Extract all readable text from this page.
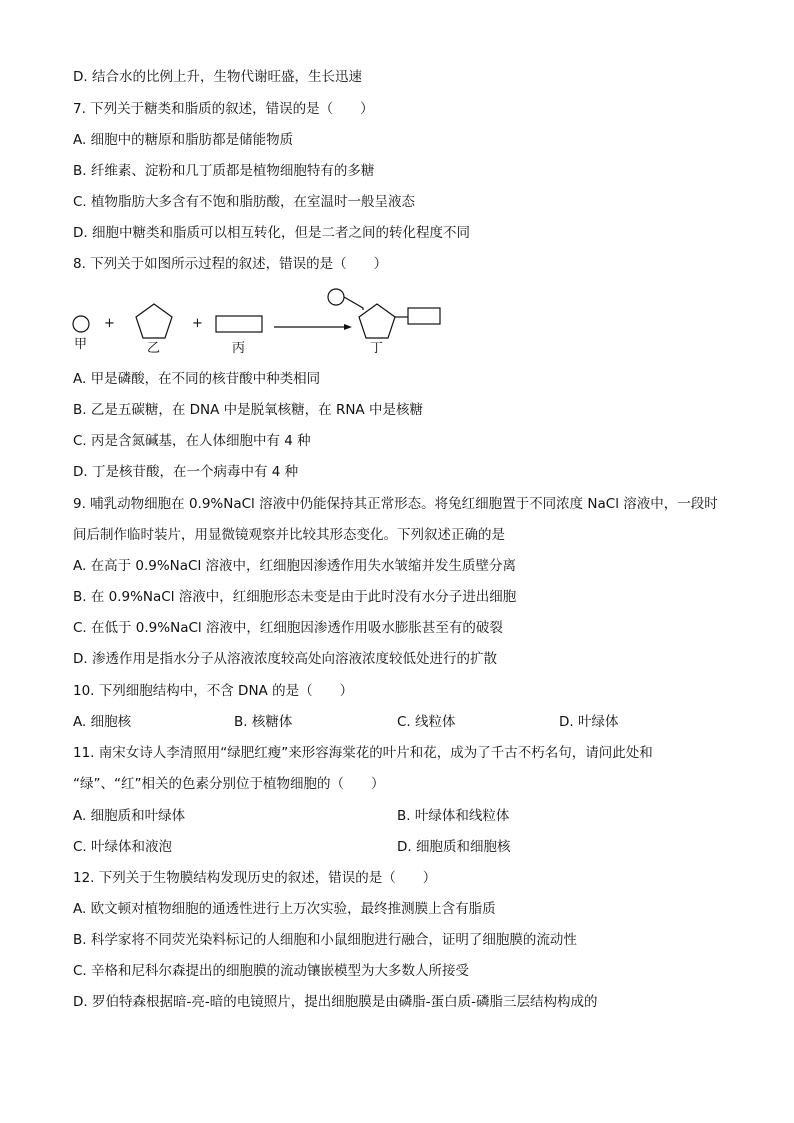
D. 结合水的比例上升，生物代谢旺盛，生长迅速
7. 下列关于糖类和脂质的叙述，错误的是（　　）
A. 细胞中的糖原和脂肪都是储能物质
B. 纤维素、淀粉和几丁质都是植物细胞特有的多糖
C. 植物脂肪大多含有不饱和脂肪酸，在室温时一般呈液态
D. 细胞中糖类和脂质可以相互转化，但是二者之间的转化程度不同
8. 下列关于如图所示过程的叙述，错误的是（　　）
甲
+
乙
+
丙	丁
A. 甲是磷酸，在不同的核苷酸中种类相同
B. 乙是五碳糖，在 DNA 中是脱氧核糖，在 RNA 中是核糖
C. 丙是含氮碱基，在人体细胞中有 4 种
D. 丁是核苷酸，在一个病毒中有 4 种
9. 哺乳动物细胞在 0.9%NaCl 溶液中仍能保持其正常形态。将兔红细胞置于不同浓度 NaCl 溶液中，一段时
间后制作临时装片，用显微镜观察并比较其形态变化。下列叙述正确的是
A. 在高于 0.9%NaCl 溶液中，红细胞因渗透作用失水皱缩并发生质壁分离
B. 在 0.9%NaCl 溶液中，红细胞形态未变是由于此时没有水分子进出细胞
C. 在低于 0.9%NaCl 溶液中，红细胞因渗透作用吸水膨胀甚至有的破裂
D. 渗透作用是指水分子从溶液浓度较高处向溶液浓度较低处进行的扩散
10. 下列细胞结构中，不含 DNA 的是（　　）
A. 细胞核	B. 核糖体	C. 线粒体	D. 叶绿体
11. 南宋女诗人李清照用“绿肥红瘦”来形容海棠花的叶片和花，成为了千古不朽名句，请问此处和
“绿”、“红”相关的色素分别位于植物细胞的（　　）
A. 细胞质和叶绿体	B. 叶绿体和线粒体
C. 叶绿体和液泡	D. 细胞质和细胞核
12. 下列关于生物膜结构发现历史的叙述，错误的是（　　）
A. 欧文顿对植物细胞的通透性进行上万次实验，最终推测膜上含有脂质
B. 科学家将不同荧光染料标记的人细胞和小鼠细胞进行融合，证明了细胞膜的流动性
C. 辛格和尼科尔森提出的细胞膜的流动镶嵌模型为大多数人所接受
D. 罗伯特森根据暗-亮-暗的电镜照片，提出细胞膜是由磷脂-蛋白质-磷脂三层结构构成的
